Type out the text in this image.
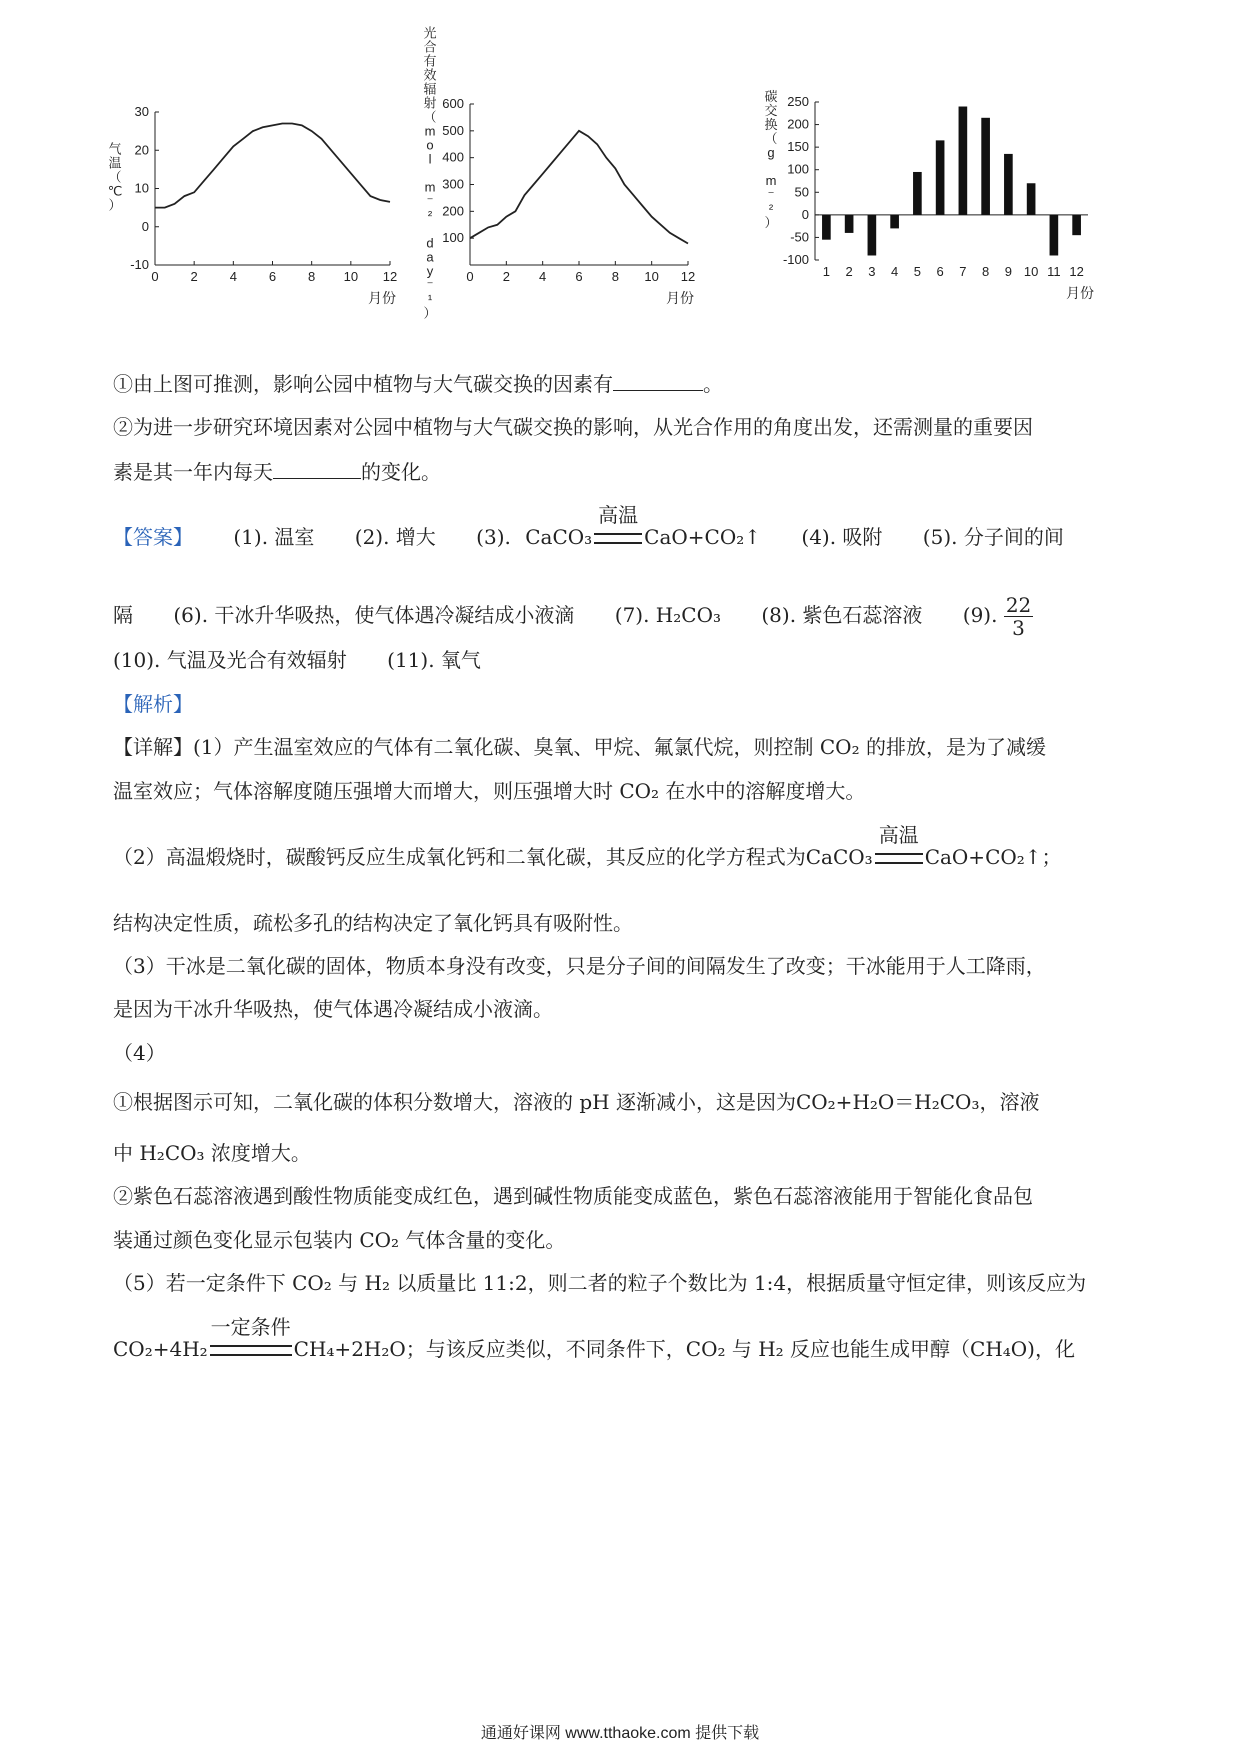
30
20
10
0
-10
0 2 4 6 8 10 12
月份
气
温
（
℃
）
600
500
400
300
200
100
0 2 4 6 8 10 12
月份
光
合
有
效
辐
射
（
m
o
l
m
⁻
²
d
a
y
⁻
¹
）
250
200
150
100
50
0
-50
-100
1 2 3 4 5 6 7 8 9 10 11 12
月份
碳
交
换
（
g
m
⁻
²
）
①由上图可推测，影响公园中植物与大气碳交换的因素有	。
②为进一步研究环境因素对公园中植物与大气碳交换的影响，从光合作用的角度出发，还需测量的重要因
素是其一年内每天	的变化。
【答案】 (1). 温室 (2). 增大 (3). CaCO₃
高温
CaO+CO₂↑ (4). 吸附 (5). 分子间的间
隔 (6). 干冰升华吸热，使气体遇冷凝结成小液滴 (7). H₂CO₃ (8). 紫色石蕊溶液 (9). $\frac{22}{3}$
(10). 气温及光合有效辐射 (11). 氧气
【解析】
【详解】(1）产生温室效应的气体有二氧化碳、臭氧、甲烷、氟氯代烷，则控制 CO₂ 的排放，是为了减缓
温室效应；气体溶解度随压强增大而增大，则压强增大时 CO₂ 在水中的溶解度增大。
（2）高温煅烧时，碳酸钙反应生成氧化钙和二氧化碳，其反应的化学方程式为CaCO₃
高温
CaO+CO₂↑；
结构决定性质，疏松多孔的结构决定了氧化钙具有吸附性。
（3）干冰是二氧化碳的固体，物质本身没有改变，只是分子间的间隔发生了改变；干冰能用于人工降雨，
是因为干冰升华吸热，使气体遇冷凝结成小液滴。
（4）
①根据图示可知，二氧化碳的体积分数增大，溶液的 pH 逐渐减小，这是因为CO₂+H₂O＝H₂CO₃，溶液
中 H₂CO₃ 浓度增大。
②紫色石蕊溶液遇到酸性物质能变成红色，遇到碱性物质能变成蓝色，紫色石蕊溶液能用于智能化食品包
装通过颜色变化显示包装内 CO₂ 气体含量的变化。
（5）若一定条件下 CO₂ 与 H₂ 以质量比 11:2，则二者的粒子个数比为 1:4，根据质量守恒定律，则该反应为
CO₂+4H₂
一定条件
CH₄+2H₂O；与该反应类似，不同条件下，CO₂ 与 H₂ 反应也能生成甲醇（CH₄O)，化
通通好课网 www.tthaoke.com 提供下载
